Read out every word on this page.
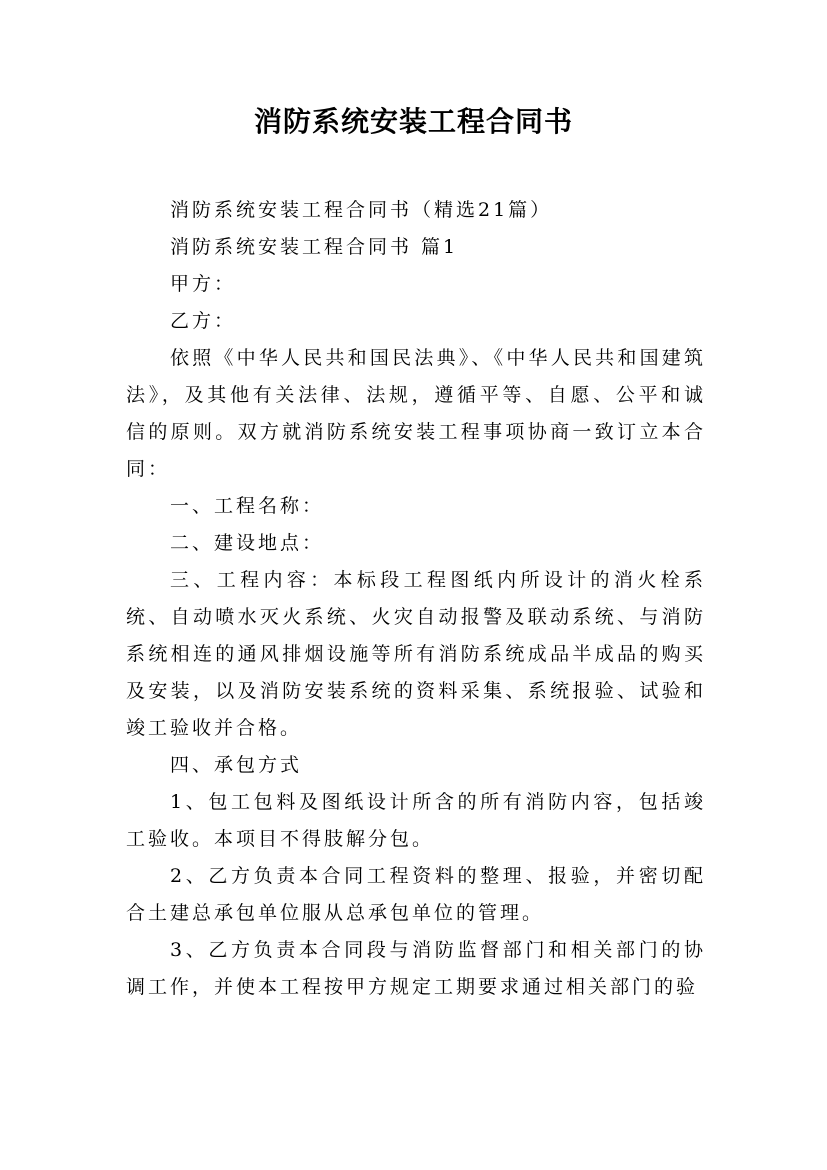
消防系统安装工程合同书

消防系统安装工程合同书（精选21篇）

消防系统安装工程合同书 篇1

甲方：

乙方：

依照《中华人民共和国民法典》、《中华人民共和国建筑法》，及其他有关法律、法规，遵循平等、自愿、公平和诚信的原则。双方就消防系统安装工程事项协商一致订立本合同：

一、工程名称：

二、建设地点：

三、工程内容：本标段工程图纸内所设计的消火栓系统、自动喷水灭火系统、火灾自动报警及联动系统、与消防系统相连的通风排烟设施等所有消防系统成品半成品的购买及安装，以及消防安装系统的资料采集、系统报验、试验和竣工验收并合格。

四、承包方式

1、包工包料及图纸设计所含的所有消防内容，包括竣工验收。本项目不得肢解分包。

2、乙方负责本合同工程资料的整理、报验，并密切配合土建总承包单位服从总承包单位的管理。

3、乙方负责本合同段与消防监督部门和相关部门的协调工作，并使本工程按甲方规定工期要求通过相关部门的验
